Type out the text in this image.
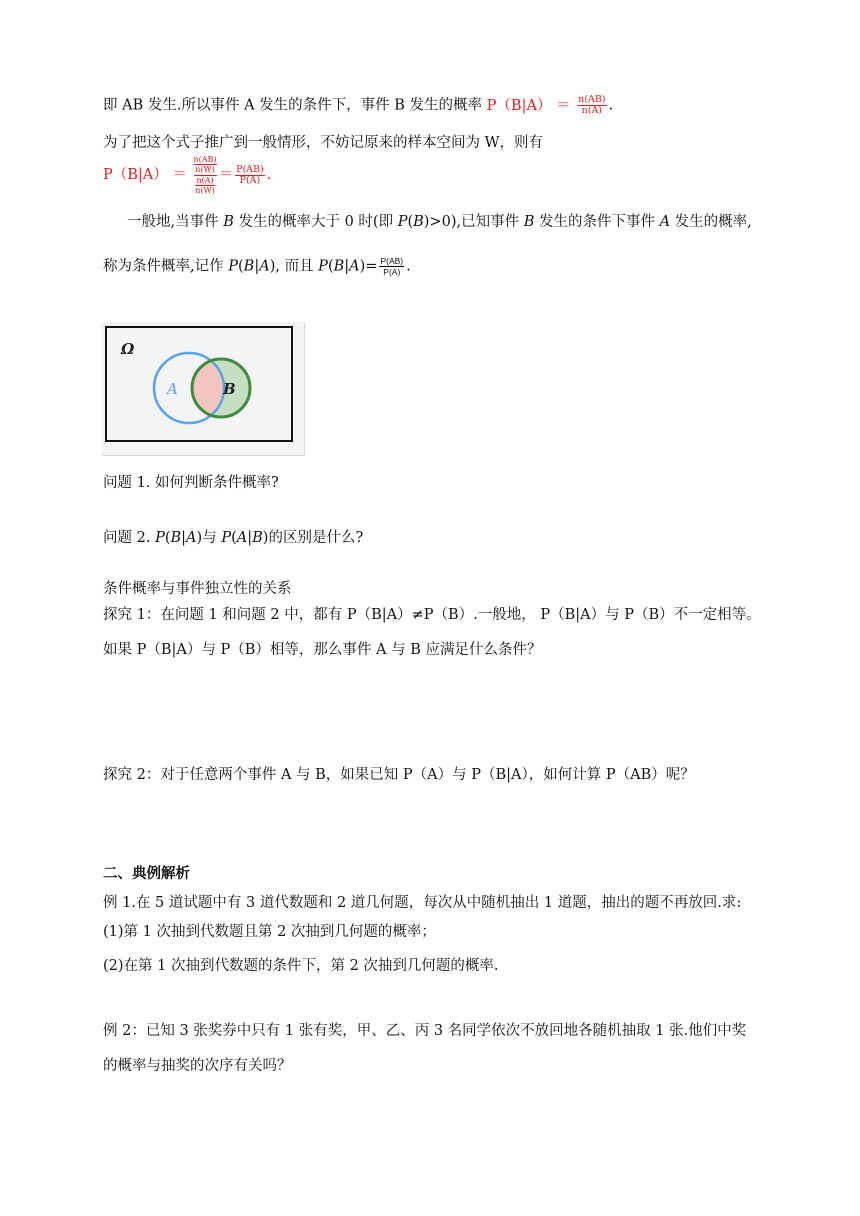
即 AB 发生.所以事件 A 发生的条件下，事件 B 发生的概率 $P(B|A) = \frac{n(AB)}{n(A)}$ .
为了把这个式子推广到一般情形，不妨记原来的样本空间为 W，则有
$P(B|A) = \frac{\frac{n(AB)}{n(W)}}{\frac{n(A)}{n(W)}} = \frac{P(AB)}{P(A)}$ .
一般地,当事件 B 发生的概率大于 0 时(即 P(B)>0),已知事件 B 发生的条件下事件 A 发生的概率,
称为条件概率,记作 P(B|A), 而且 $P(B|A)= \frac{P(AB)}{P(A)}$ .
Ω
A	B
问题 1. 如何判断条件概率?
问题 2. P(B|A)与 P(A|B)的区别是什么?
条件概率与事件独立性的关系
探究 1：在问题 1 和问题 2 中，都有 P（B|A）≠P（B）.一般地， P（B|A）与 P（B）不一定相等。
如果 P（B|A）与 P（B）相等，那么事件 A 与 B 应满足什么条件？
探究 2：对于任意两个事件 A 与 B，如果已知 P（A）与 P（B|A），如何计算 P（AB）呢？
二、典例解析
例 1.在 5 道试题中有 3 道代数题和 2 道几何题，每次从中随机抽出 1 道题，抽出的题不再放回.求:
(1)第 1 次抽到代数题且第 2 次抽到几何题的概率；
(2)在第 1 次抽到代数题的条件下，第 2 次抽到几何题的概率.
例 2：已知 3 张奖券中只有 1 张有奖，甲、乙、丙 3 名同学依次不放回地各随机抽取 1 张.他们中奖
的概率与抽奖的次序有关吗？
